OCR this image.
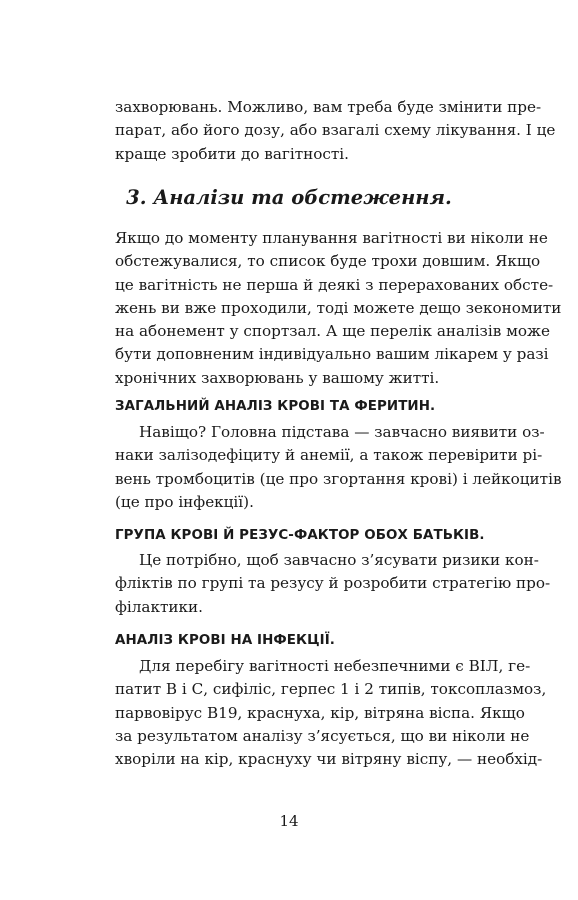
захворювань. Можливо, вам треба буде змінити пре-
парат, або його дозу, або взагалі схему лікування. І це
краще зробити до вагітності.

3. Аналізи та обстеження.

Якщо до моменту планування вагітності ви ніколи не
обстежувалися, то список буде трохи довшим. Якщо
це вагітність не перша й деякі з перерахованих обсте-
жень ви вже проходили, тоді можете дещо зекономити
на абонемент у спортзал. А ще перелік аналізів може
бути доповненим індивідуально вашим лікарем у разі
хронічних захворювань у вашому житті.

ЗАГАЛЬНИЙ АНАЛІЗ КРОВІ ТА ФЕРИТИН.

Навіщо? Головна підстава — завчасно виявити оз-
наки залізодефіциту й анемії, а також перевірити рі-
вень тромбоцитів (це про згортання крові) і лейкоцитів
(це про інфекції).

ГРУПА КРОВІ Й РЕЗУС-ФАКТОР ОБОХ БАТЬКІВ.

Це потрібно, щоб завчасно з’ясувати ризики кон-
фліктів по групі та резусу й розробити стратегію про-
філактики.

АНАЛІЗ КРОВІ НА ІНФЕКЦІЇ.

Для перебігу вагітності небезпечними є ВІЛ, ге-
патит В і С, сифіліс, герпес 1 і 2 типів, токсоплазмоз,
парвовірус В19, краснуха, кір, вітряна віспа. Якщо
за результатом аналізу з’ясується, що ви ніколи не
хворіли на кір, краснуху чи вітряну віспу, — необхід-

14
